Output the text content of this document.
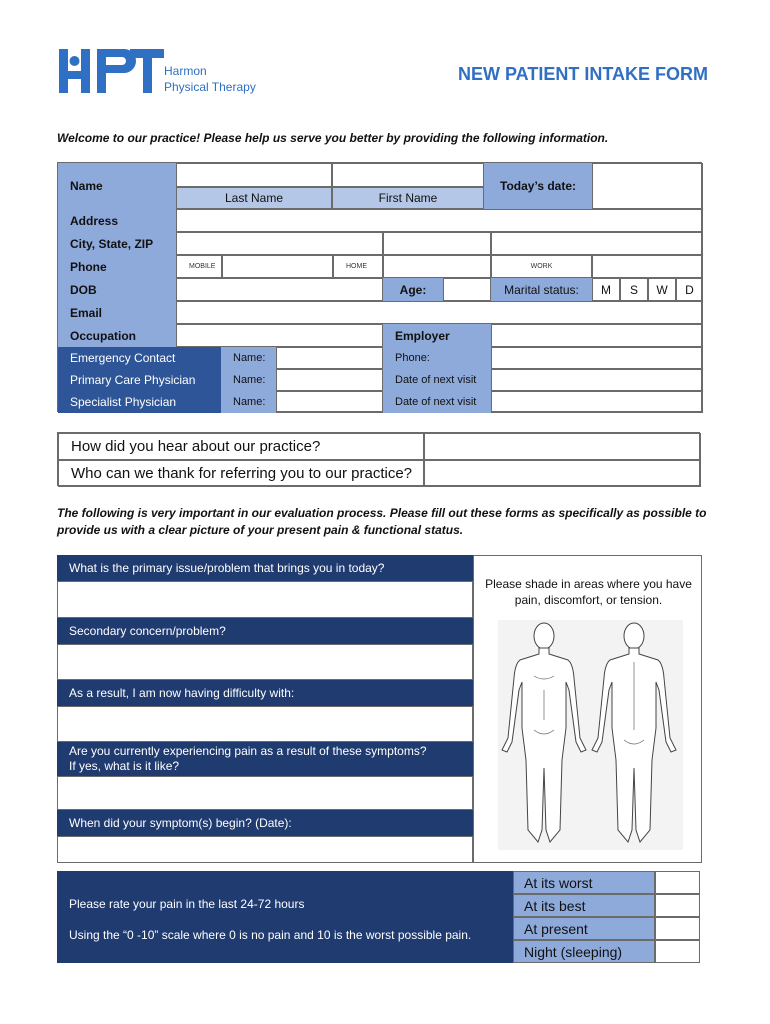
Harmon
Physical Therapy
NEW PATIENT INTAKE FORM
Welcome to our practice! Please help us serve you better by providing the following information.
Name
Last Name	First Name
Today’s date:
Address
City, State, ZIP
Phone	MOBILE	HOME	WORK
DOB	Age:	Marital status:	M	S	W	D
Email
Occupation	Employer
Emergency Contact	Name:	Phone:
Primary Care Physician	Name:	Date of next visit
Specialist Physician	Name:	Date of next visit
How did you hear about our practice?
Who can we thank for referring you to our practice?
The following is very important in our evaluation process. Please fill out these forms as specifically as possible to provide us with a clear picture of your present pain & functional status.
What is the primary issue/problem that brings you in today?
Secondary concern/problem?
As a result, I am now having difficulty with:
Are you currently experiencing pain as a result of these symptoms?
If yes, what is it like?
When did your symptom(s) begin? (Date):
Please shade in areas where you have pain, discomfort, or tension.
Please rate your pain in the last 24-72 hours
Using the “0 -10” scale where 0 is no pain and 10 is the worst possible pain.
At its worst
At its best
At present
Night (sleeping)
